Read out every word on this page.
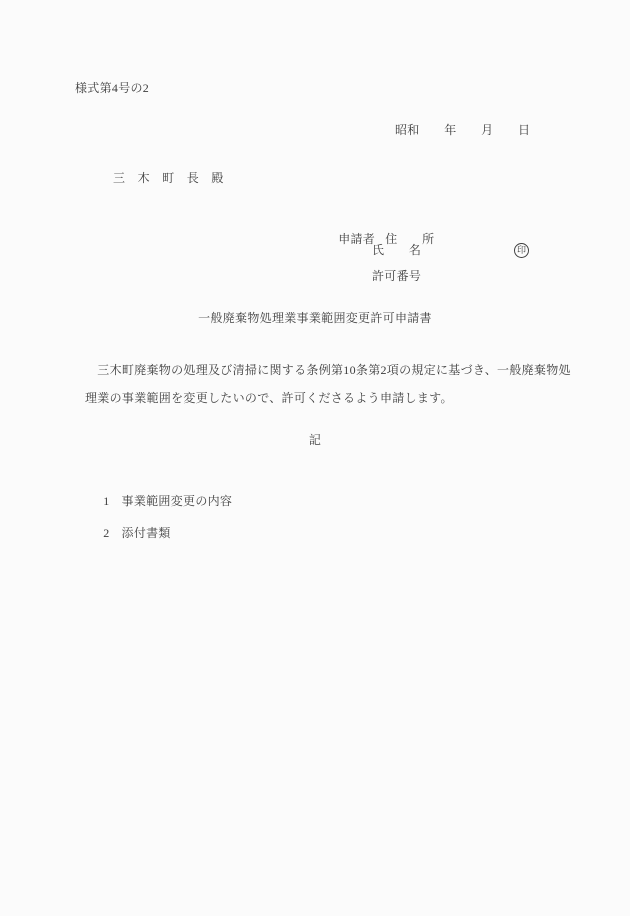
様式第4号の2
昭和　　年　　月　　日
三　木　町　長　殿

申請者 住　　所

氏　　名	印
許可番号
一般廃棄物処理業事業範囲変更許可申請書
　三木町廃棄物の処理及び清掃に関する条例第10条第2項の規定に基づき、一般廃棄物処
理業の事業範囲を変更したいので、許可くださるよう申請します。
記

1 事業範囲変更の内容

2 添付書類
